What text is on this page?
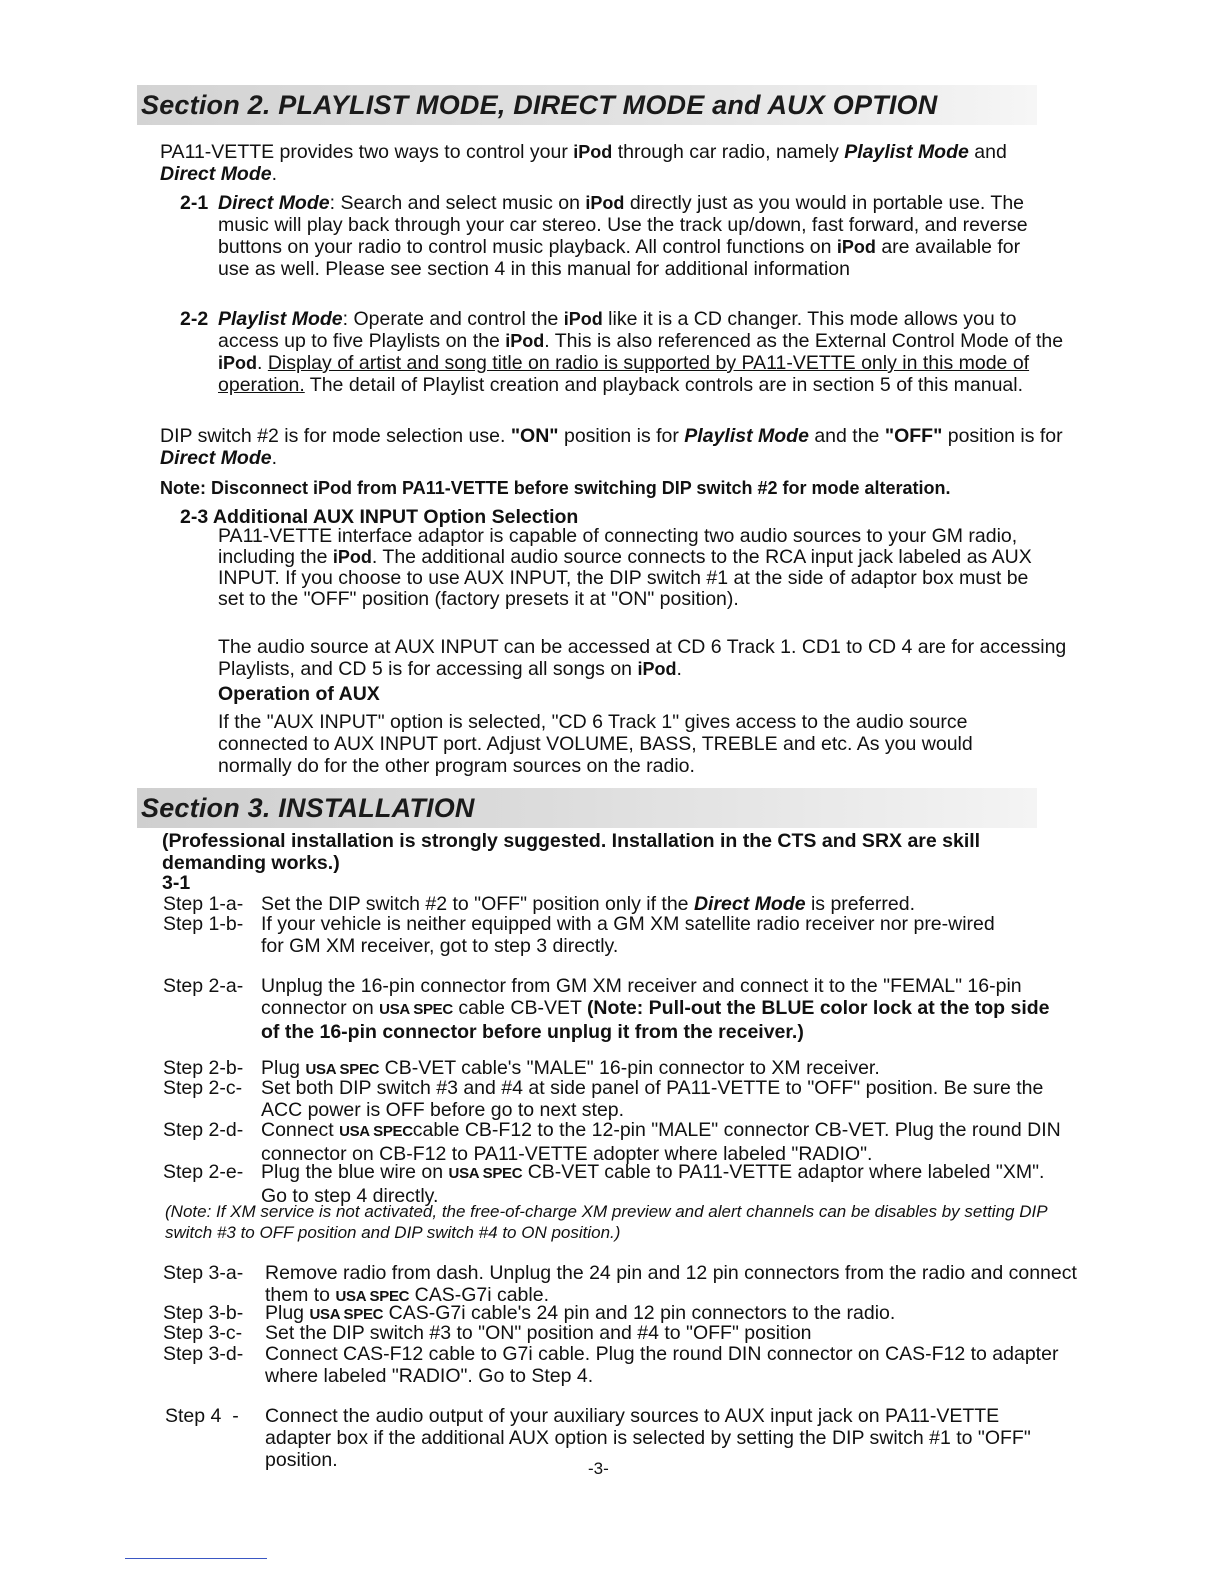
Section 2. PLAYLIST MODE, DIRECT MODE and AUX OPTION
PA11-VETTE provides two ways to control your iPod through car radio, namely Playlist Mode and Direct Mode.
2-1 Direct Mode: Search and select music on iPod directly just as you would in portable use. The music will play back through your car stereo. Use the track up/down, fast forward, and reverse buttons on your radio to control music playback. All control functions on iPod are available for use as well. Please see section 4 in this manual for additional information
2-2 Playlist Mode: Operate and control the iPod like it is a CD changer. This mode allows you to access up to five Playlists on the iPod. This is also referenced as the External Control Mode of the iPod. Display of artist and song title on radio is supported by PA11-VETTE only in this mode of operation. The detail of Playlist creation and playback controls are in section 5 of this manual.
DIP switch #2 is for mode selection use. "ON" position is for Playlist Mode and the "OFF" position is for Direct Mode.
Note: Disconnect iPod from PA11-VETTE before switching DIP switch #2 for mode alteration.
2-3 Additional AUX INPUT Option Selection
PA11-VETTE interface adaptor is capable of connecting two audio sources to your GM radio, including the iPod. The additional audio source connects to the RCA input jack labeled as AUX INPUT. If you choose to use AUX INPUT, the DIP switch #1 at the side of adaptor box must be set to the "OFF" position (factory presets it at "ON" position).
The audio source at AUX INPUT can be accessed at CD 6 Track 1. CD1 to CD 4 are for accessing Playlists, and CD 5 is for accessing all songs on iPod.
Operation of AUX
If the "AUX INPUT" option is selected, "CD 6 Track 1" gives access to the audio source connected to AUX INPUT port. Adjust VOLUME, BASS, TREBLE and etc. As you would normally do for the other program sources on the radio.
Section 3. INSTALLATION
(Professional installation is strongly suggested. Installation in the CTS and SRX are skill demanding works.)
3-1
Step 1-a- Set the DIP switch #2 to "OFF" position only if the Direct Mode is preferred.
Step 1-b- If your vehicle is neither equipped with a GM XM satellite radio receiver nor pre-wired for GM XM receiver, got to step 3 directly.
Step 2-a- Unplug the 16-pin connector from GM XM receiver and connect it to the "FEMAL" 16-pin connector on USA SPEC cable CB-VET (Note: Pull-out the BLUE color lock at the top side of the 16-pin connector before unplug it from the receiver.)
Step 2-b- Plug USA SPEC CB-VET cable's "MALE" 16-pin connector to XM receiver.
Step 2-c- Set both DIP switch #3 and #4 at side panel of PA11-VETTE to "OFF" position. Be sure the ACC power is OFF before go to next step.
Step 2-d- Connect USA SPECcable CB-F12 to the 12-pin "MALE" connector CB-VET. Plug the round DIN connector on CB-F12 to PA11-VETTE adopter where labeled "RADIO".
Step 2-e- Plug the blue wire on USA SPEC CB-VET cable to PA11-VETTE adaptor where labeled "XM". Go to step 4 directly.
(Note: If XM service is not activated, the free-of-charge XM preview and alert channels can be disables by setting DIP switch #3 to OFF position and DIP switch #4 to ON position.)
Step 3-a- Remove radio from dash. Unplug the 24 pin and 12 pin connectors from the radio and connect them to USA SPEC CAS-G7i cable.
Step 3-b- Plug USA SPEC CAS-G7i cable's 24 pin and 12 pin connectors to the radio.
Step 3-c- Set the DIP switch #3 to "ON" position and #4 to "OFF" position
Step 3-d- Connect CAS-F12 cable to G7i cable. Plug the round DIN connector on CAS-F12 to adapter where labeled "RADIO". Go to Step 4.
Step 4  - Connect the audio output of your auxiliary sources to AUX input jack on PA11-VETTE adapter box if the additional AUX option is selected by setting the DIP switch #1 to "OFF" position.	-3-
